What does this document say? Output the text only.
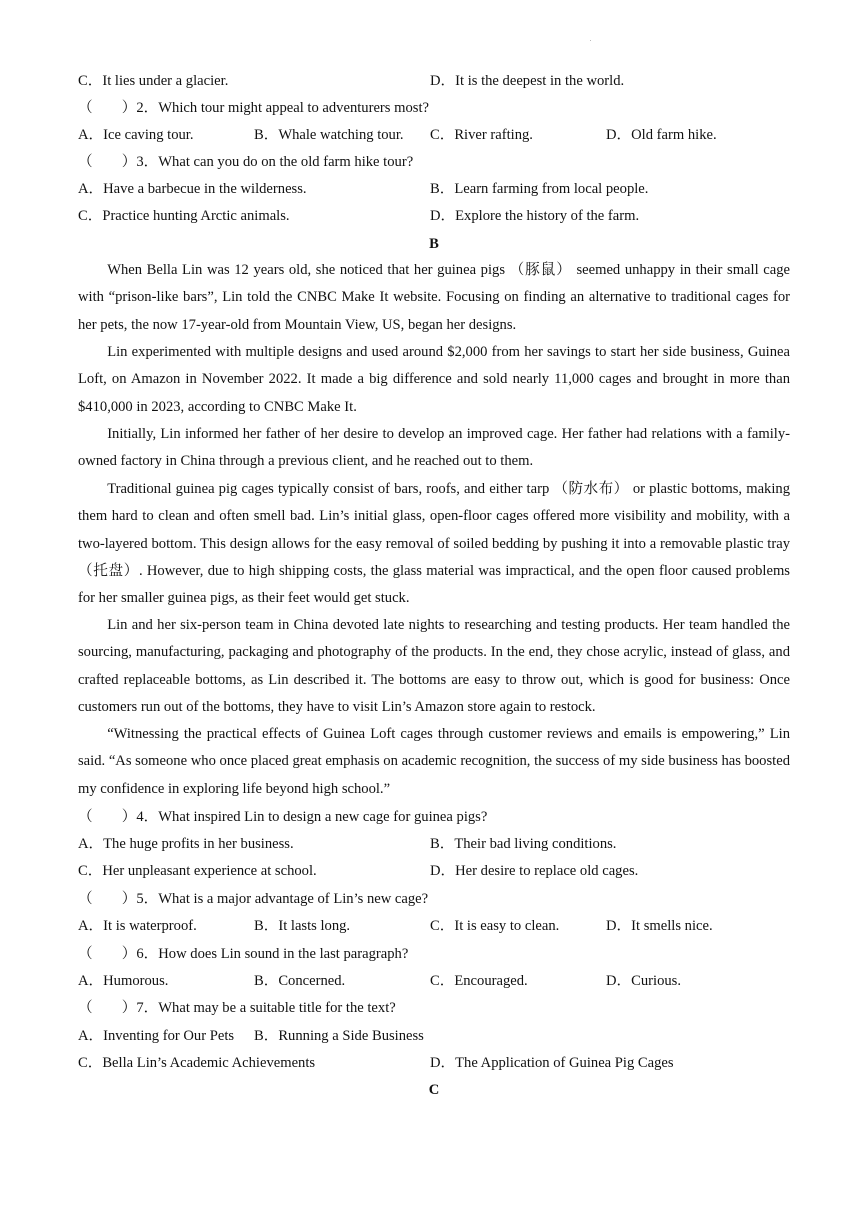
C．It lies under a glacier.	D．It is the deepest in the world.
（　　）2．Which tour might appeal to adventurers most?
A．Ice caving tour.	B．Whale watching tour. C．River rafting.	D．Old farm hike.
（　　）3．What can you do on the old farm hike tour?
A．Have a barbecue in the wilderness.	B．Learn farming from local people.
C．Practice hunting Arctic animals.	D．Explore the history of the farm.
B

When Bella Lin was 12 years old, she noticed that her guinea pigs （豚鼠） seemed unhappy in their small cage with “prison-like bars”, Lin told the CNBC Make It website. Focusing on finding an alternative to traditional cages for her pets, the now 17-year-old from Mountain View, US, began her designs.

Lin experimented with multiple designs and used around $2,000 from her savings to start her side business, Guinea Loft, on Amazon in November 2022. It made a big difference and sold nearly 11,000 cages and brought in more than $410,000 in 2023, according to CNBC Make It.

Initially, Lin informed her father of her desire to develop an improved cage. Her father had relations with a family-owned factory in China through a previous client, and he reached out to them.

Traditional guinea pig cages typically consist of bars, roofs, and either tarp （防水布） or plastic bottoms, making them hard to clean and often smell bad. Lin’s initial glass, open-floor cages offered more visibility and mobility, with a two-layered bottom. This design allows for the easy removal of soiled bedding by pushing it into a removable plastic tray （托盘）. However, due to high shipping costs, the glass material was impractical, and the open floor caused problems for her smaller guinea pigs, as their feet would get stuck.

Lin and her six-person team in China devoted late nights to researching and testing products. Her team handled the sourcing, manufacturing, packaging and photography of the products. In the end, they chose acrylic, instead of glass, and crafted replaceable bottoms, as Lin described it. The bottoms are easy to throw out, which is good for business: Once customers run out of the bottoms, they have to visit Lin’s Amazon store again to restock.

“Witnessing the practical effects of Guinea Loft cages through customer reviews and emails is empowering,” Lin said. “As someone who once placed great emphasis on academic recognition, the success of my side business has boosted my confidence in exploring life beyond high school.”

（　　）4．What inspired Lin to design a new cage for guinea pigs?
A．The huge profits in her business.	B．Their bad living conditions.
C．Her unpleasant experience at school.	D．Her desire to replace old cages.
（　　）5．What is a major advantage of Lin’s new cage?
A．It is waterproof.	B．It lasts long.	C．It is easy to clean.	D．It smells nice.
（　　）6．How does Lin sound in the last paragraph?
A．Humorous.	B．Concerned.	C．Encouraged.	D．Curious.
（　　）7．What may be a suitable title for the text?
A．Inventing for Our Pets B．Running a Side Business
C．Bella Lin’s Academic Achievements	D．The Application of Guinea Pig Cages
C
